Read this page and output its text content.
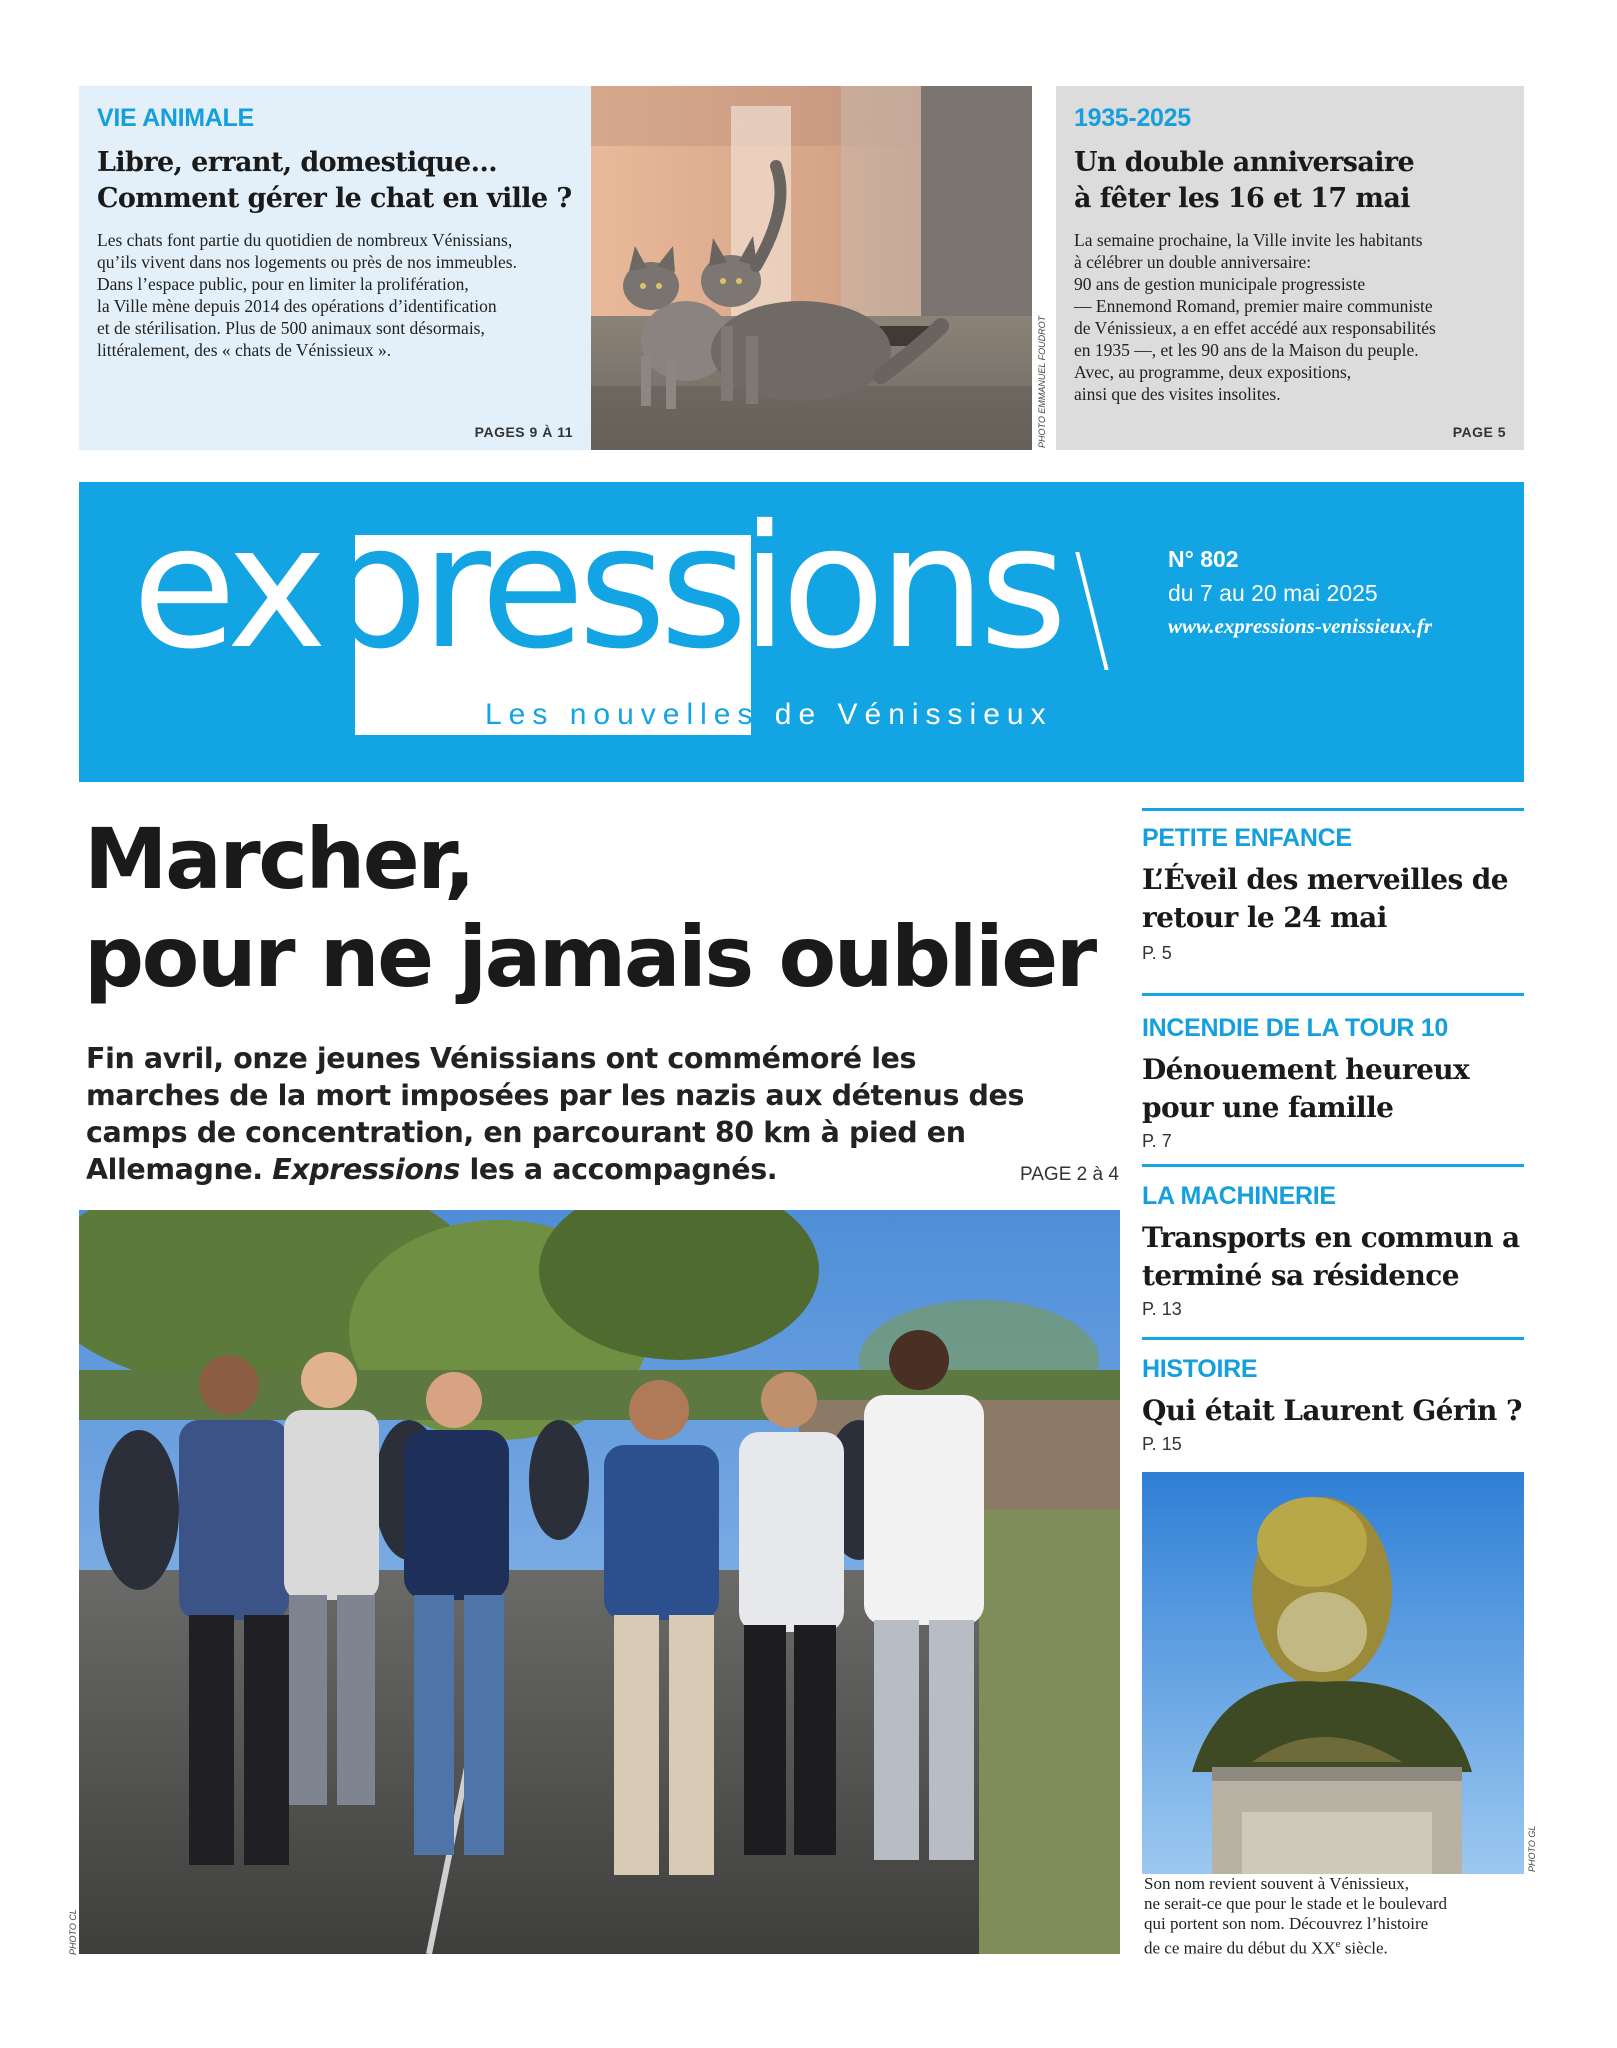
VIE ANIMALE
Libre, errant, domestique…
Comment gérer le chat en ville ?
Les chats font partie du quotidien de nombreux Vénissians,
qu’ils vivent dans nos logements ou près de nos immeubles.
Dans l’espace public, pour en limiter la prolifération,
la Ville mène depuis 2014 des opérations d’identification
et de stérilisation. Plus de 500 animaux sont désormais,
littéralement, des « chats de Vénissieux ».
PAGES 9 À 11	PHOTO EMMANUEL FOUDROT
1935-2025
Un double anniversaire
à fêter les 16 et 17 mai
La semaine prochaine, la Ville invite les habitants
à célébrer un double anniversaire:
90 ans de gestion municipale progressiste
— Ennemond Romand, premier maire communiste
de Vénissieux, a en effet accédé aux responsabilités
en 1935 —, et les 90 ans de la Maison du peuple.
Avec, au programme, deux expositions,
ainsi que des visites insolites.
PAGE 5
expressions
Les nouvelles de Vénissieux
N° 802
du 7 au 20 mai 2025
www.expressions-venissieux.fr
Marcher,
pour ne jamais oublier
Fin avril, onze jeunes Vénissians ont commémoré les marches de la mort imposées par les nazis aux détenus des camps de concentration, en parcourant 80 km à pied en Allemagne. Expressions les a accompagnés.	PAGE 2 à 4
PHOTO CL
PETITE ENFANCE
L’Éveil des merveilles de retour le 24 mai
P. 5
INCENDIE DE LA TOUR 10
Dénouement heureux pour une famille
P. 7
LA MACHINERIE
Transports en commun a terminé sa résidence
P. 13
HISTOIRE
Qui était Laurent Gérin ?
P. 15
PHOTO GL
Son nom revient souvent à Vénissieux,
ne serait-ce que pour le stade et le boulevard
qui portent son nom. Découvrez l’histoire
de ce maire du début du XXe siècle.
